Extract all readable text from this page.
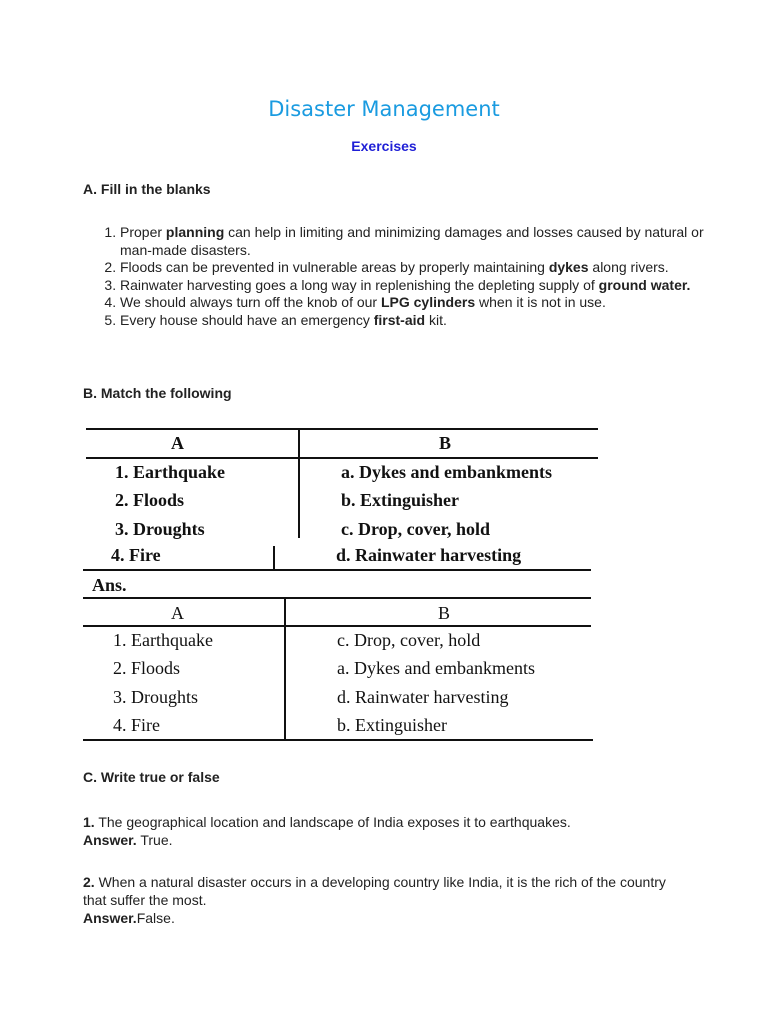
Disaster Management
Exercises
A. Fill in the blanks
1. Proper planning can help in limiting and minimizing damages and losses caused by natural or man-made disasters.
2. Floods can be prevented in vulnerable areas by properly maintaining dykes along rivers.
3. Rainwater harvesting goes a long way in replenishing the depleting supply of ground water.
4. We should always turn off the knob of our LPG cylinders when it is not in use.
5. Every house should have an emergency first-aid kit.
B. Match the following
A	B
1. Earthquake
2. Floods
3. Droughts
4. Fire
a. Dykes and embankments
b. Extinguisher
c. Drop, cover, hold
d. Rainwater harvesting
Ans.
A	B
1. Earthquake
2. Floods
3. Droughts
4. Fire
c. Drop, cover, hold
a. Dykes and embankments
d. Rainwater harvesting
b. Extinguisher
C. Write true or false
1. The geographical location and landscape of India exposes it to earthquakes.
Answer. True.
2. When a natural disaster occurs in a developing country like India, it is the rich of the country that suffer the most.
Answer.False.
